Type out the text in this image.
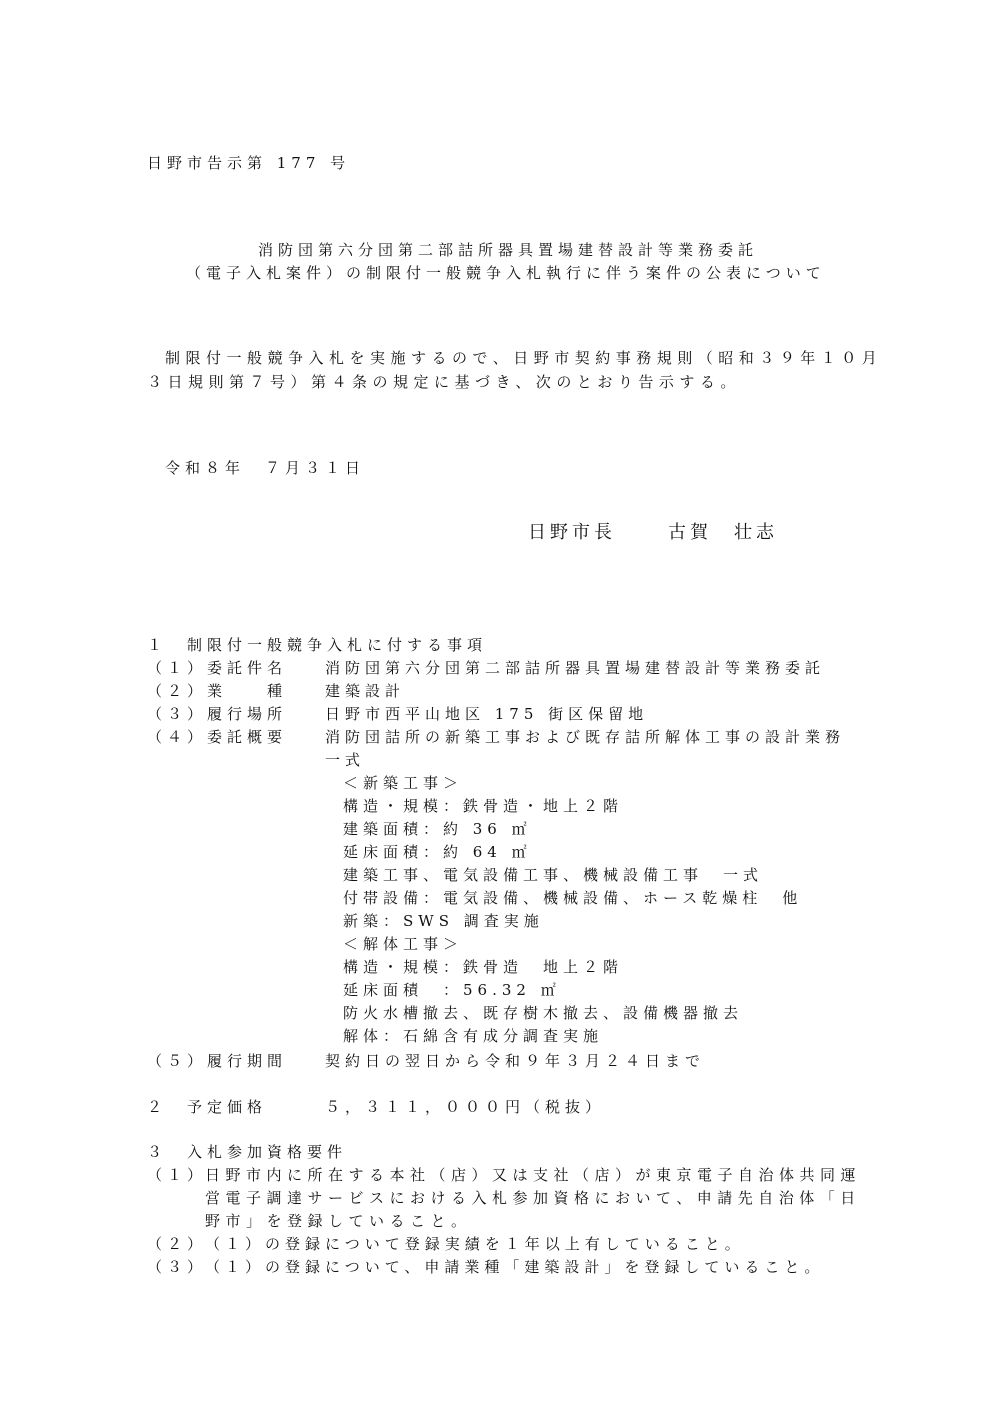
日野市告示第 177 号
消防団第六分団第二部詰所器具置場建替設計等業務委託
（電子入札案件）の制限付一般競争入札執行に伴う案件の公表について
制限付一般競争入札を実施するので、日野市契約事務規則（昭和３９年１０月
３日規則第７号）第４条の規定に基づき、次のとおり告示する。
令和８年　７月３１日
日野市長	古賀　壮志
１　制限付一般競争入札に付する事項
（１）委託件名	消防団第六分団第二部詰所器具置場建替設計等業務委託
（２）業　　種	建築設計
（３）履行場所	日野市西平山地区 175 街区保留地
（４）委託概要	消防団詰所の新築工事および既存詰所解体工事の設計業務
一式
＜新築工事＞
構造・規模：鉄骨造・地上２階
建築面積：約 36 ㎡
延床面積：約 64 ㎡
建築工事、電気設備工事、機械設備工事　一式
付帯設備：電気設備、機械設備、ホース乾燥柱　他
新築：SWS 調査実施
＜解体工事＞
構造・規模：鉄骨造　地上２階
延床面積　：56.32 ㎡
防火水槽撤去、既存樹木撤去、設備機器撤去
解体：石綿含有成分調査実施
（５）履行期間	契約日の翌日から令和９年３月２４日まで
２　予定価格	５，３１１，０００円（税抜）
３　入札参加資格要件
（１）
日野市内に所在する本社（店）又は支社（店）が東京電子自治体共同運
営電子調達サービスにおける入札参加資格において、申請先自治体「日
野市」を登録していること。
（２）
（１）の登録について登録実績を１年以上有していること。
（３）
（１）の登録について、申請業種「建築設計」を登録していること。
